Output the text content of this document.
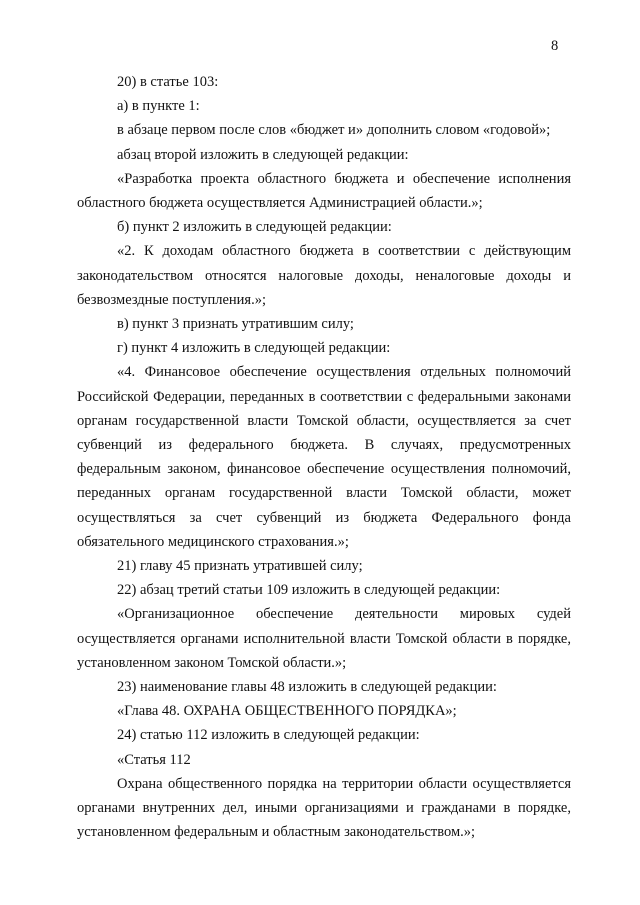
8

20) в статье 103:

а) в пункте 1:

в абзаце первом после слов «бюджет и» дополнить словом «годовой»;

абзац второй изложить в следующей редакции:

«Разработка проекта областного бюджета и обеспечение исполнения областного бюджета осуществляется Администрацией области.»;

б) пункт 2 изложить в следующей редакции:

«2. К доходам областного бюджета в соответствии с действующим законодательством относятся налоговые доходы, неналоговые доходы и безвозмездные поступления.»;

в) пункт 3 признать утратившим силу;

г) пункт 4 изложить в следующей редакции:

«4. Финансовое обеспечение осуществления отдельных полномочий Российской Федерации, переданных в соответствии с федеральными законами органам государственной власти Томской области, осуществляется за счет субвенций из федерального бюджета. В случаях, предусмотренных федеральным законом, финансовое обеспечение осуществления полномочий, переданных органам государственной власти Томской области, может осуществляться за счет субвенций из бюджета Федерального фонда обязательного медицинского страхования.»;

21) главу 45 признать утратившей силу;

22) абзац третий статьи 109 изложить в следующей редакции:

«Организационное обеспечение деятельности мировых судей осуществляется органами исполнительной власти Томской области в порядке, установленном законом Томской области.»;

23) наименование главы 48 изложить в следующей редакции:

«Глава 48. ОХРАНА ОБЩЕСТВЕННОГО ПОРЯДКА»;

24) статью 112 изложить в следующей редакции:

«Статья 112

Охрана общественного порядка на территории области осуществляется органами внутренних дел, иными организациями и гражданами в порядке, установленном федеральным и областным законодательством.»;
